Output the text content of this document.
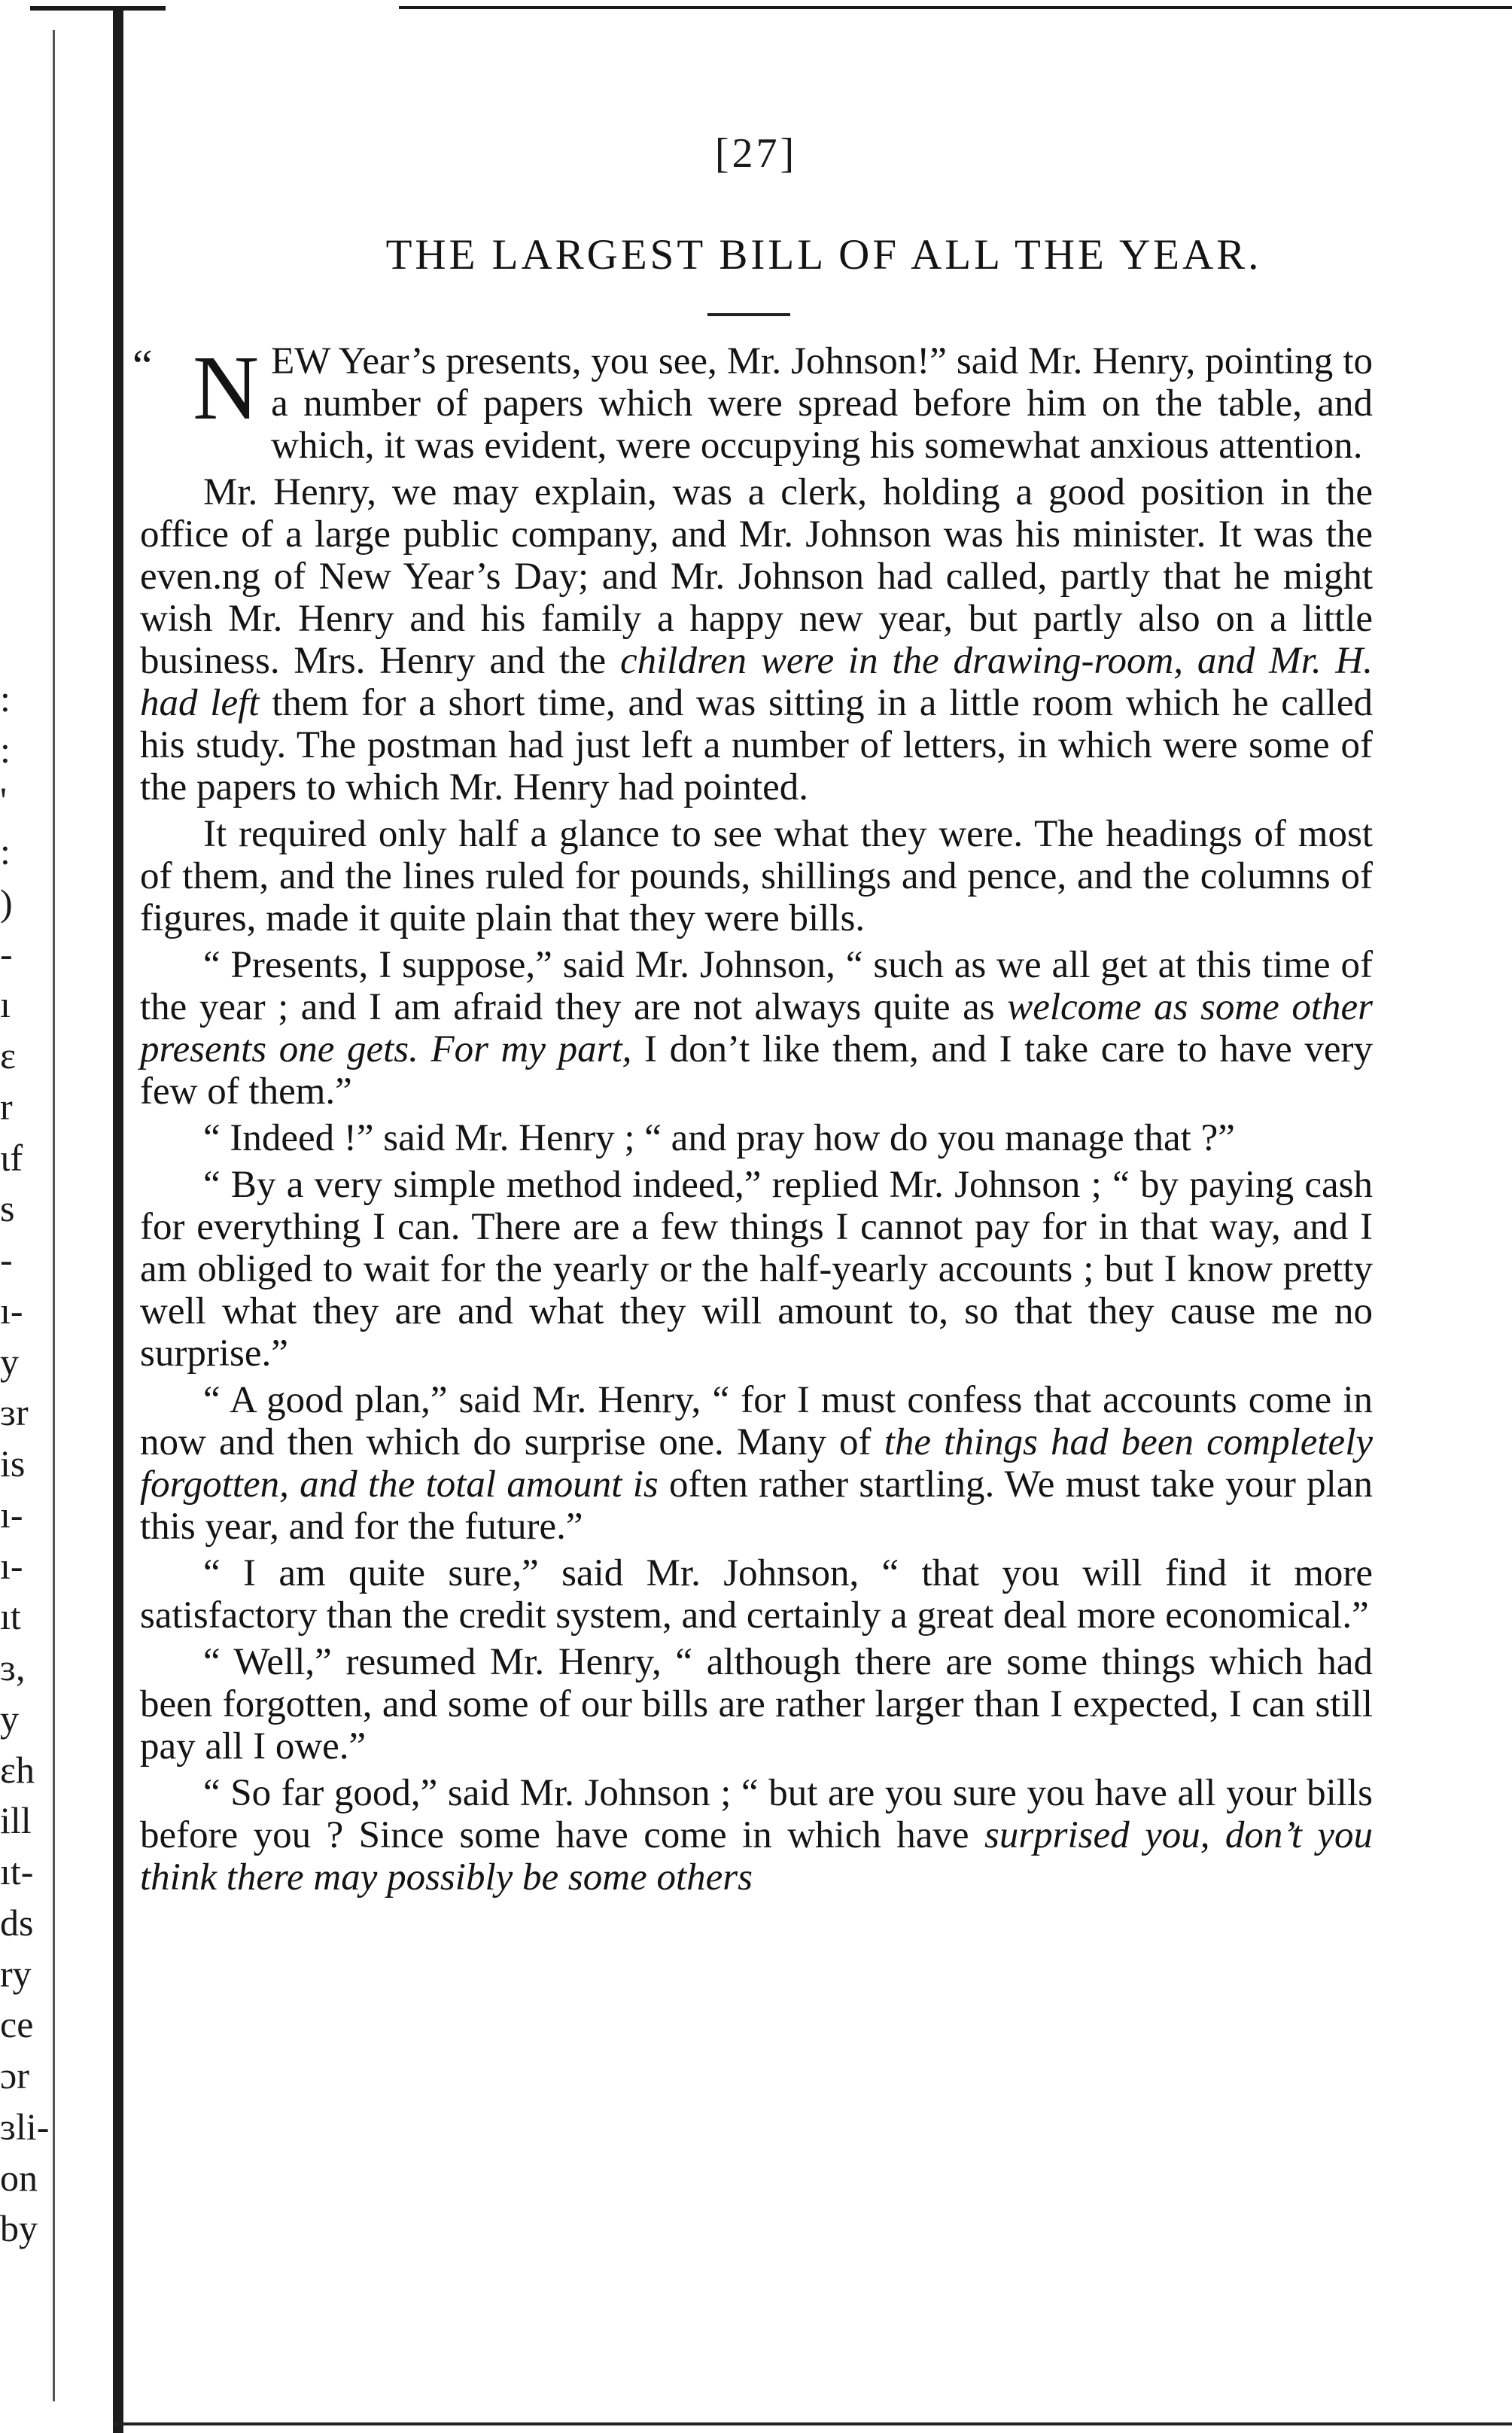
:
:
'
:
)
-
ı
ɛ
r
ɩf
s
-
ı-
y
ɜr
is
ı-
ı-
ıt
ɜ,
y
ɛh
ill
ıt-
ds
ry
ce
ɔr
ɜli-
on
by
[27]
THE LARGEST BILL OF ALL THE YEAR.

NEW Year’s presents, you see, Mr. Johnson!” said Mr. Henry, pointing to a number of papers which were spread before him on the table, and which, it was evident, were occupying his somewhat anxious attention.

Mr. Henry, we may explain, was a clerk, holding a good position in the office of a large public company, and Mr. Johnson was his minister. It was the even.ng of New Year’s Day; and Mr. Johnson had called, partly that he might wish Mr. Henry and his family a happy new year, but partly also on a little business. Mrs. Henry and the children were in the drawing-room, and Mr. H. had left them for a short time, and was sitting in a little room which he called his study. The postman had just left a number of letters, in which were some of the papers to which Mr. Henry had pointed.

It required only half a glance to see what they were. The headings of most of them, and the lines ruled for pounds, shillings and pence, and the columns of figures, made it quite plain that they were bills.

“ Presents, I suppose,” said Mr. Johnson, “ such as we all get at this time of the year ; and I am afraid they are not always quite as welcome as some other presents one gets. For my part, I don’t like them, and I take care to have very few of them.”

“ Indeed !” said Mr. Henry ; “ and pray how do you manage that ?”

“ By a very simple method indeed,” replied Mr. Johnson ; “ by paying cash for everything I can. There are a few things I cannot pay for in that way, and I am obliged to wait for the yearly or the half-yearly accounts ; but I know pretty well what they are and what they will amount to, so that they cause me no surprise.”

“ A good plan,” said Mr. Henry, “ for I must confess that accounts come in now and then which do surprise one. Many of the things had been completely forgotten, and the total amount is often rather startling. We must take your plan this year, and for the future.”

“ I am quite sure,” said Mr. Johnson, “ that you will find it more satisfactory than the credit system, and certainly a great deal more economical.”

“ Well,” resumed Mr. Henry, “ although there are some things which had been forgotten, and some of our bills are rather larger than I expected, I can still pay all I owe.”

“ So far good,” said Mr. Johnson ; “ but are you sure you have all your bills before you ? Since some have come in which have surprised you, don’t you think there may possibly be some others

“
